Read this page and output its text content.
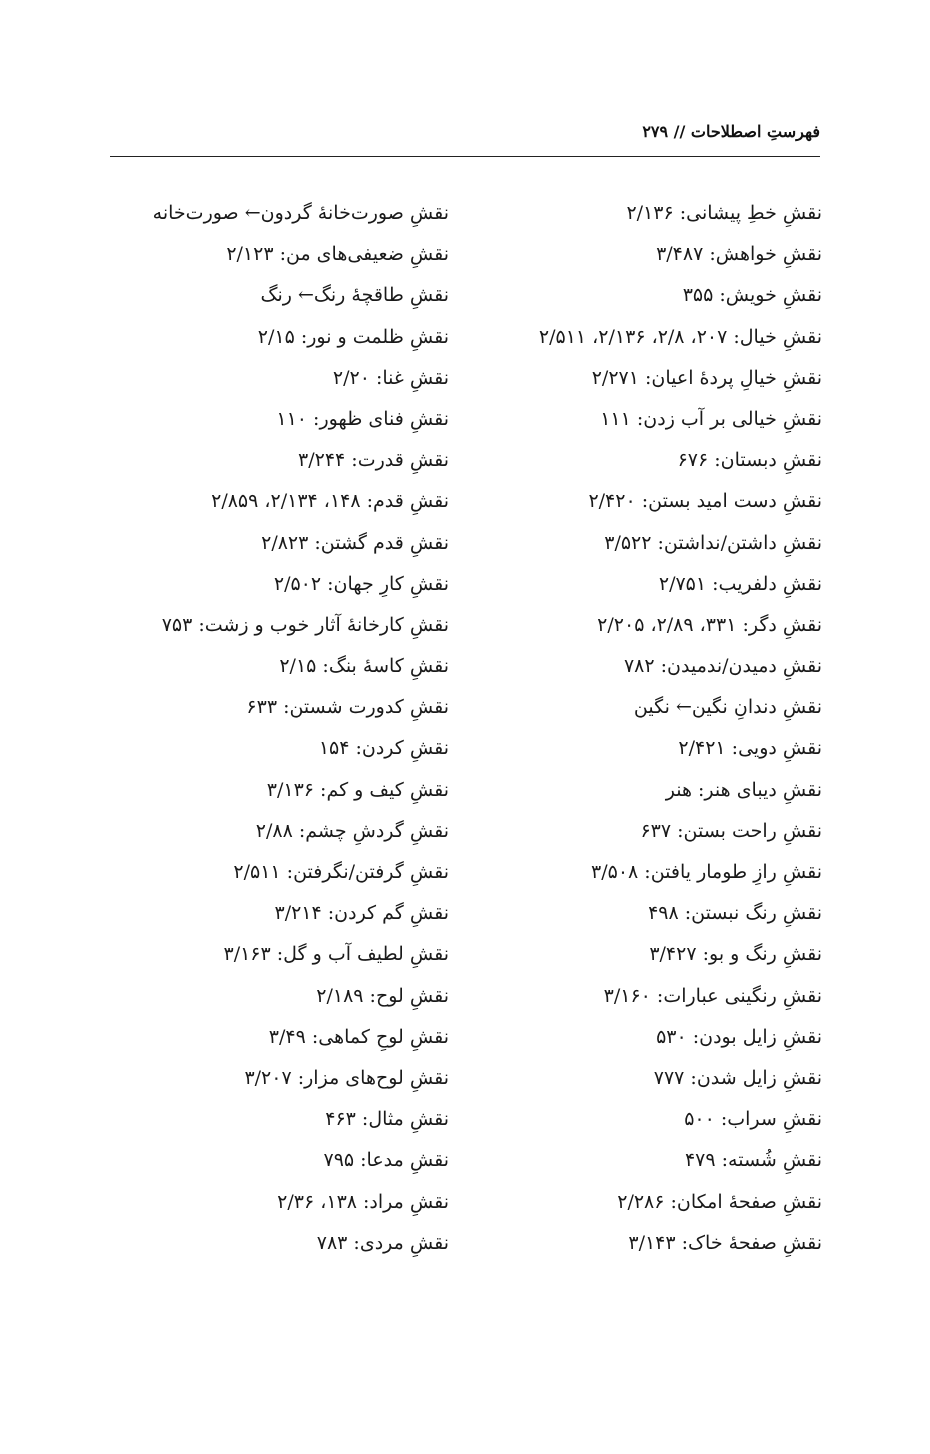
فهرستِ اصطلاحات // ۲۷۹
نقشِ خطِ پیشانی: ۲/۱۳۶
نقشِ خواهش: ۳/۴۸۷
نقشِ خویش: ۳۵۵
نقشِ خیال: ۲۰۷، ۲/۸، ۲/۱۳۶، ۲/۵۱۱
نقشِ خیالِ پردۀ اعیان: ۲/۲۷۱
نقشِ خیالی بر آب زدن: ۱۱۱
نقشِ دبستان: ۶۷۶
نقشِ دست امید بستن: ۲/۴۲۰
نقشِ داشتن/نداشتن: ۳/۵۲۲
نقشِ دلفریب: ۲/۷۵۱
نقشِ دگر: ۳۳۱، ۲/۸۹، ۲/۲۰۵
نقشِ دمیدن/ندمیدن: ۷۸۲
نقشِ دندانِ نگین← نگین
نقشِ دویی: ۲/۴۲۱
نقشِ دیبای هنر: هنر
نقشِ راحت بستن: ۶۳۷
نقشِ رازِ طومار یافتن: ۳/۵۰۸
نقشِ رنگ نبستن: ۴۹۸
نقشِ رنگ و بو: ۳/۴۲۷
نقشِ رنگینی عبارات: ۳/۱۶۰
نقشِ زایل بودن: ۵۳۰
نقشِ زایل شدن: ۷۷۷
نقشِ سراب: ۵۰۰
نقشِ شُسته: ۴۷۹
نقشِ صفحۀ امکان: ۲/۲۸۶
نقشِ صفحۀ خاک: ۳/۱۴۳
نقشِ صورت‌خانۀ گردون← صورت‌خانه
نقشِ ضعیفی‌های من: ۲/۱۲۳
نقشِ طاقچۀ رنگ← رنگ
نقشِ ظلمت و نور: ۲/۱۵
نقشِ غنا: ۲/۲۰
نقشِ فنای ظهور: ۱۱۰
نقشِ قدرت: ۳/۲۴۴
نقشِ قدم: ۱۴۸، ۲/۱۳۴، ۲/۸۵۹
نقشِ قدم گشتن: ۲/۸۲۳
نقشِ کارِ جهان: ۲/۵۰۲
نقشِ کارخانۀ آثار خوب و زشت: ۷۵۳
نقشِ کاسۀ بنگ: ۲/۱۵
نقشِ کدورت شستن: ۶۳۳
نقشِ کردن: ۱۵۴
نقشِ کیف و کم: ۳/۱۳۶
نقشِ گردشِ چشم: ۲/۸۸
نقشِ گرفتن/نگرفتن: ۲/۵۱۱
نقشِ گم کردن: ۳/۲۱۴
نقشِ لطیف آب و گل: ۳/۱۶۳
نقشِ لوح: ۲/۱۸۹
نقشِ لوحِ کماهی: ۳/۴۹
نقشِ لوح‌های مزار: ۳/۲۰۷
نقشِ مثال: ۴۶۳
نقشِ مدعا: ۷۹۵
نقشِ مراد: ۱۳۸، ۲/۳۶
نقشِ مردی: ۷۸۳
